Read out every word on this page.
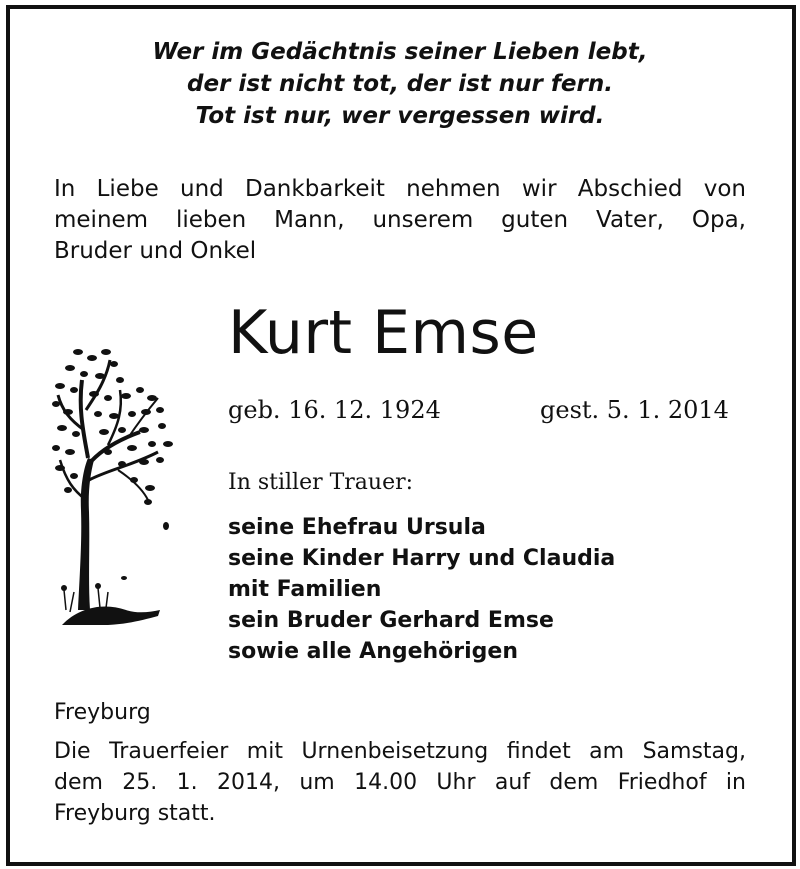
Wer im Gedächtnis seiner Lieben lebt,
der ist nicht tot, der ist nur fern.
Tot ist nur, wer vergessen wird.
In Liebe und Dankbarkeit nehmen wir Abschied von
meinem lieben Mann, unserem guten Vater, Opa,
Bruder und Onkel
Kurt Emse
geb. 16. 12. 1924	gest. 5. 1. 2014
In stiller Trauer:
seine Ehefrau Ursula
seine Kinder Harry und Claudia
mit Familien
sein Bruder Gerhard Emse
sowie alle Angehörigen
Freyburg
Die Trauerfeier mit Urnenbeisetzung findet am Samstag,
dem 25. 1. 2014, um 14.00 Uhr auf dem Friedhof in
Freyburg statt.
